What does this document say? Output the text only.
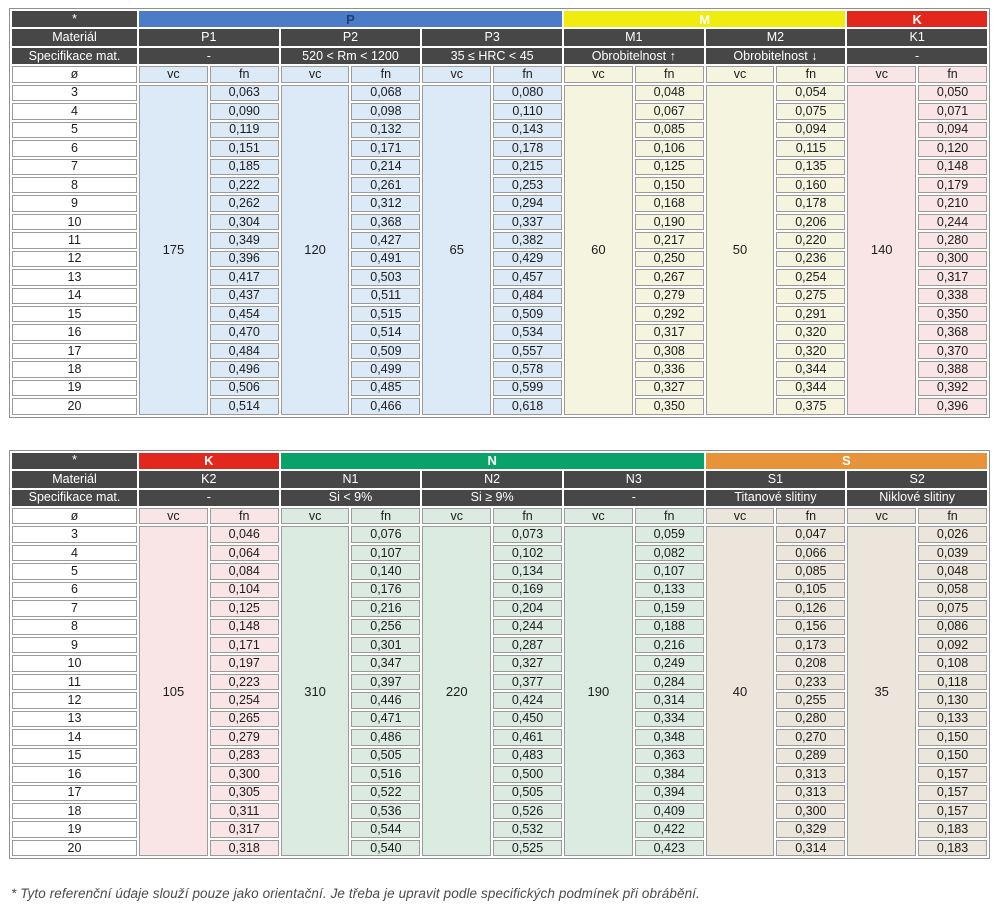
*	P						M				K	
Materiál	P1		P2		P3		M1		M2		K1	
Specifikace mat.	-		520 < Rm < 1200		35 ≤ HRC < 45		Obrobitelnost ↑		Obrobitelnost ↓		-	
ø	vc	fn	vc	fn	vc	fn	vc	fn	vc	fn	vc	fn
3	175	0,063	120	0,068	65	0,080	60	0,048	50	0,054	140	0,050
4		0,090		0,098		0,110		0,067		0,075		0,071
5		0,119		0,132		0,143		0,085		0,094		0,094
6		0,151		0,171		0,178		0,106		0,115		0,120
7		0,185		0,214		0,215		0,125		0,135		0,148
8		0,222		0,261		0,253		0,150		0,160		0,179
9		0,262		0,312		0,294		0,168		0,178		0,210
10		0,304		0,368		0,337		0,190		0,206		0,244
11		0,349		0,427		0,382		0,217		0,220		0,280
12		0,396		0,491		0,429		0,250		0,236		0,300
13		0,417		0,503		0,457		0,267		0,254		0,317
14		0,437		0,511		0,484		0,279		0,275		0,338
15		0,454		0,515		0,509		0,292		0,291		0,350
16		0,470		0,514		0,534		0,317		0,320		0,368
17		0,484		0,509		0,557		0,308		0,320		0,370
18		0,496		0,499		0,578		0,336		0,344		0,388
19		0,506		0,485		0,599		0,327		0,344		0,392
20		0,514		0,466		0,618		0,350		0,375		0,396
*	K		N						S			
Materiál	K2		N1		N2		N3		S1		S2	
Specifikace mat.	-		Si < 9%		Si ≥ 9%		-		Titanové slitiny		Niklové slitiny	
ø	vc	fn	vc	fn	vc	fn	vc	fn	vc	fn	vc	fn
3	105	0,046	310	0,076	220	0,073	190	0,059	40	0,047	35	0,026
4		0,064		0,107		0,102		0,082		0,066		0,039
5		0,084		0,140		0,134		0,107		0,085		0,048
6		0,104		0,176		0,169		0,133		0,105		0,058
7		0,125		0,216		0,204		0,159		0,126		0,075
8		0,148		0,256		0,244		0,188		0,156		0,086
9		0,171		0,301		0,287		0,216		0,173		0,092
10		0,197		0,347		0,327		0,249		0,208		0,108
11		0,223		0,397		0,377		0,284		0,233		0,118
12		0,254		0,446		0,424		0,314		0,255		0,130
13		0,265		0,471		0,450		0,334		0,280		0,133
14		0,279		0,486		0,461		0,348		0,270		0,150
15		0,283		0,505		0,483		0,363		0,289		0,150
16		0,300		0,516		0,500		0,384		0,313		0,157
17		0,305		0,522		0,505		0,394		0,313		0,157
18		0,311		0,536		0,526		0,409		0,300		0,157
19		0,317		0,544		0,532		0,422		0,329		0,183
20		0,318		0,540		0,525		0,423		0,314		0,183
* Tyto referenční údaje slouží pouze jako orientační. Je třeba je upravit podle specifických podmínek při obrábění.
